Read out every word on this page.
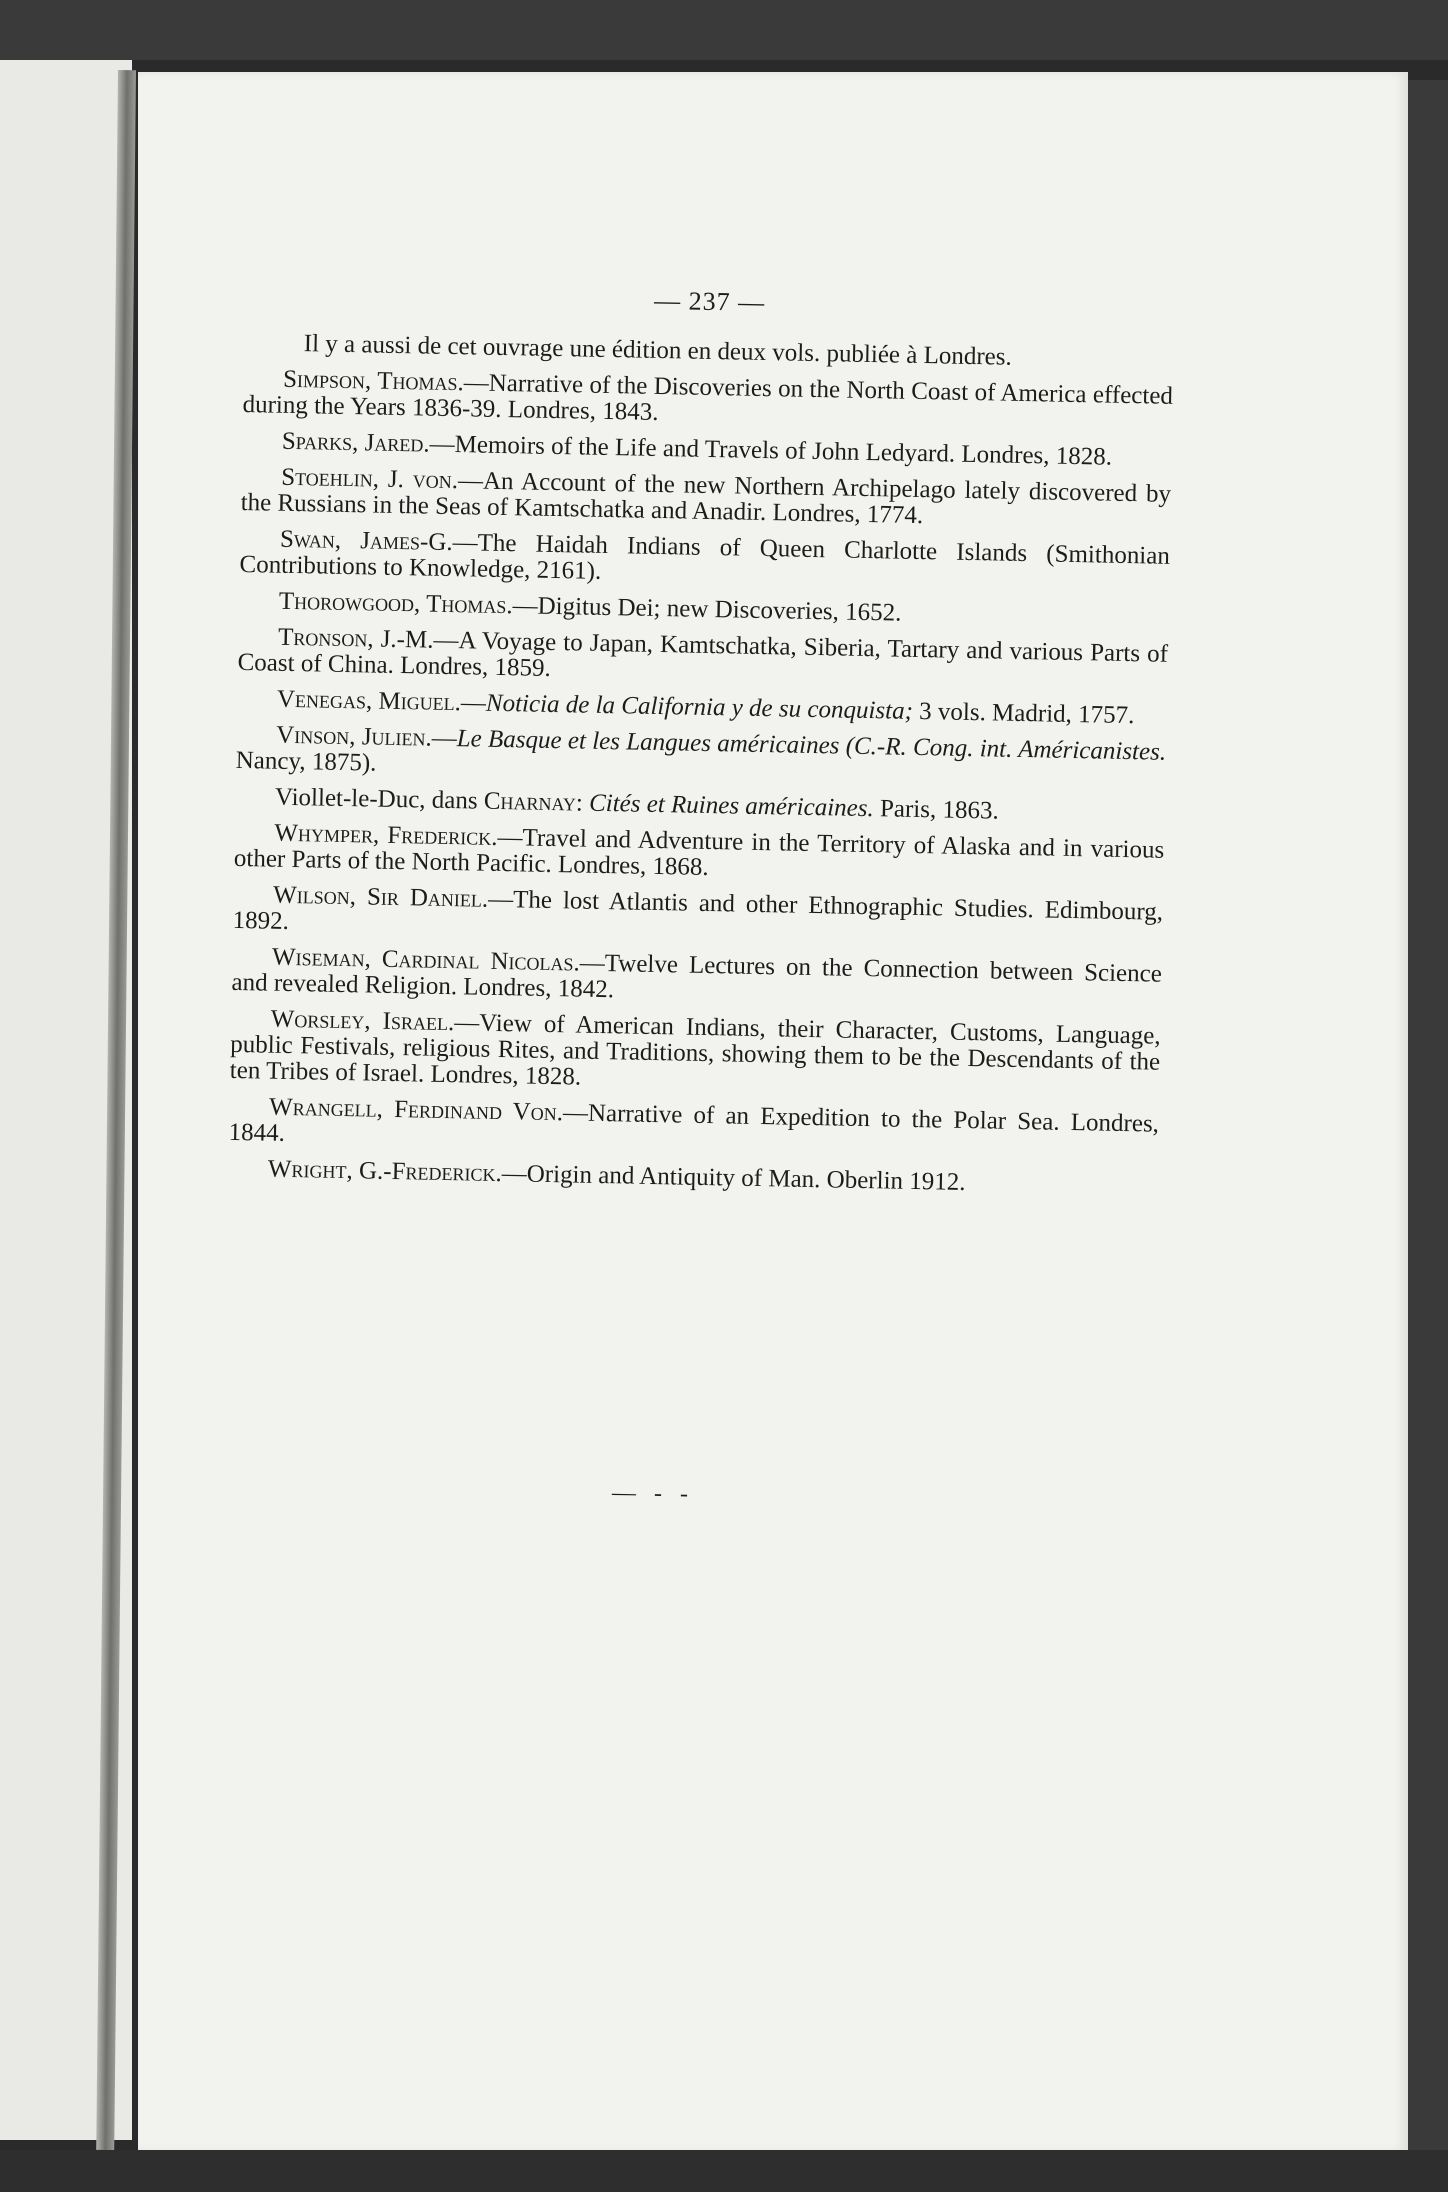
— 237 —

Il y a aussi de cet ouvrage une édition en deux vols. publiée à Londres.

Simpson, Thomas.—Narrative of the Discoveries on the North Coast of America effected during the Years 1836-39. Londres, 1843.

Sparks, Jared.—Memoirs of the Life and Travels of John Ledyard. Londres, 1828.

Stoehlin, J. von.—An Account of the new Northern Archipelago lately discovered by the Russians in the Seas of Kamtschatka and Anadir. Londres, 1774.

Swan, James-G.—The Haidah Indians of Queen Charlotte Islands (Smithonian Contributions to Knowledge, 2161).

Thorowgood, Thomas.—Digitus Dei; new Discoveries, 1652.

Tronson, J.-M.—A Voyage to Japan, Kamtschatka, Siberia, Tartary and various Parts of Coast of China. Londres, 1859.

Venegas, Miguel.—Noticia de la California y de su conquista; 3 vols. Madrid, 1757.

Vinson, Julien.—Le Basque et les Langues américaines (C.-R. Cong. int. Américanistes. Nancy, 1875).

Viollet-le-Duc, dans Charnay: Cités et Ruines américaines. Paris, 1863.

Whymper, Frederick.—Travel and Adventure in the Territory of Alaska and in various other Parts of the North Pacific. Londres, 1868.

Wilson, Sir Daniel.—The lost Atlantis and other Ethnographic Studies. Edimbourg, 1892.

Wiseman, Cardinal Nicolas.—Twelve Lectures on the Connection between Science and revealed Religion. Londres, 1842.

Worsley, Israel.—View of American Indians, their Character, Customs, Language, public Festivals, religious Rites, and Traditions, showing them to be the Descendants of the ten Tribes of Israel. Londres, 1828.

Wrangell, Ferdinand Von.—Narrative of an Expedition to the Polar Sea. Londres, 1844.

Wright, G.-Frederick.—Origin and Antiquity of Man. Oberlin 1912.

— - -
